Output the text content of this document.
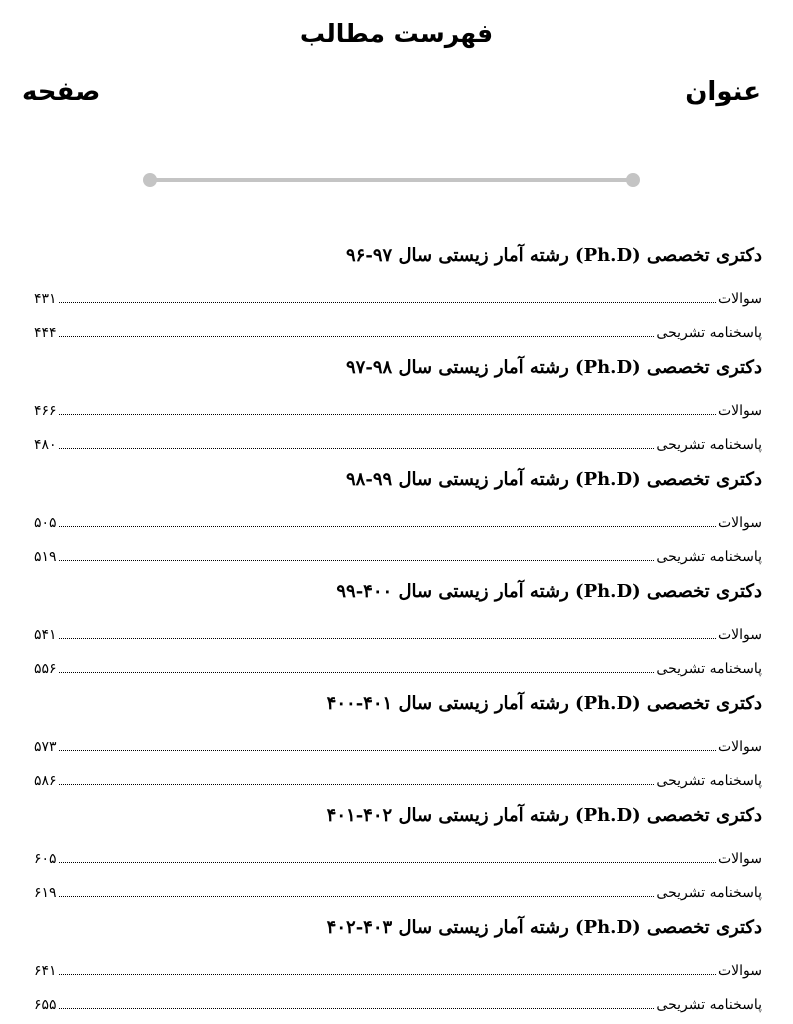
فهرست مطالب
عنوان
صفحه
دکتری تخصصی (Ph.D) رشته آمار زیستی سال ۹۷-۹۶
سوالات
۴۳۱
پاسخنامه تشریحی
۴۴۴
دکتری تخصصی (Ph.D) رشته آمار زیستی سال ۹۸-۹۷
سوالات
۴۶۶
پاسخنامه تشریحی
۴۸۰
دکتری تخصصی (Ph.D) رشته آمار زیستی سال ۹۹-۹۸
سوالات
۵۰۵
پاسخنامه تشریحی
۵۱۹
دکتری تخصصی (Ph.D) رشته آمار زیستی سال ۴۰۰-۹۹
سوالات
۵۴۱
پاسخنامه تشریحی
۵۵۶
دکتری تخصصی (Ph.D) رشته آمار زیستی سال ۴۰۱-۴۰۰
سوالات
۵۷۳
پاسخنامه تشریحی
۵۸۶
دکتری تخصصی (Ph.D) رشته آمار زیستی سال ۴۰۲-۴۰۱
سوالات
۶۰۵
پاسخنامه تشریحی
۶۱۹
دکتری تخصصی (Ph.D) رشته آمار زیستی سال ۴۰۳-۴۰۲
سوالات
۶۴۱
پاسخنامه تشریحی
۶۵۵
